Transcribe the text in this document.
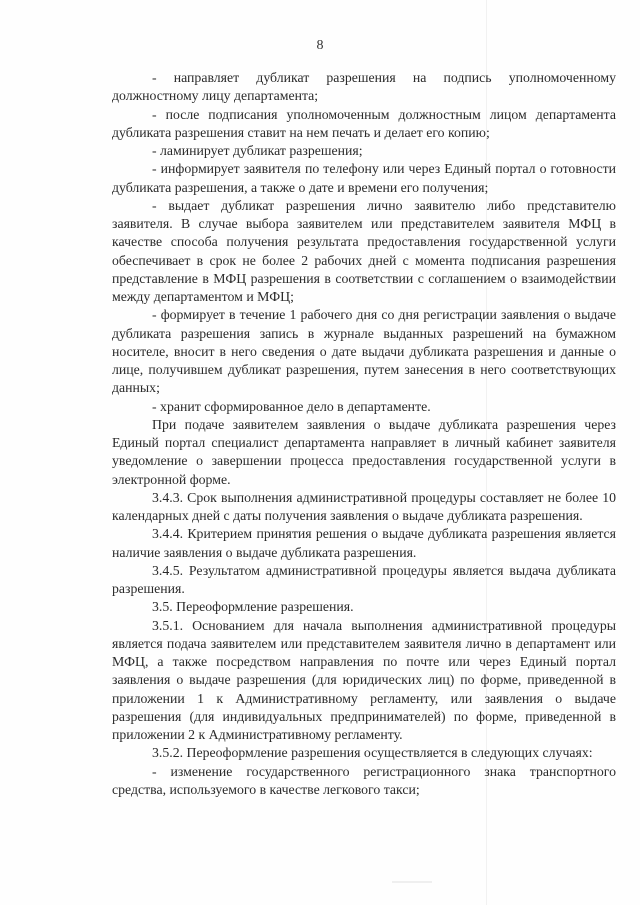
8

- направляет дубликат разрешения на подпись уполномоченному должностному лицу департамента;

- после подписания уполномоченным должностным лицом департамента дубликата разрешения ставит на нем печать и делает его копию;

- ламинирует дубликат разрешения;

- информирует заявителя по телефону или через Единый портал о готовности дубликата разрешения, а также о дате и времени его получения;

- выдает дубликат разрешения лично заявителю либо представителю заявителя. В случае выбора заявителем или представителем заявителя МФЦ в качестве способа получения результата предоставления государственной услуги обеспечивает в срок не более 2 рабочих дней с момента подписания разрешения представление в МФЦ разрешения в соответствии с соглашением о взаимодействии между департаментом и МФЦ;

- формирует в течение 1 рабочего дня со дня регистрации заявления о выдаче дубликата разрешения запись в журнале выданных разрешений на бумажном носителе, вносит в него сведения о дате выдачи дубликата разрешения и данные о лице, получившем дубликат разрешения, путем занесения в него соответствующих данных;

- хранит сформированное дело в департаменте.

При подаче заявителем заявления о выдаче дубликата разрешения через Единый портал специалист департамента направляет в личный кабинет заявителя уведомление о завершении процесса предоставления государственной услуги в электронной форме.

3.4.3. Срок выполнения административной процедуры составляет не более 10 календарных дней с даты получения заявления о выдаче дубликата разрешения.

3.4.4. Критерием принятия решения о выдаче дубликата разрешения является наличие заявления о выдаче дубликата разрешения.

3.4.5. Результатом административной процедуры является выдача дубликата разрешения.

3.5. Переоформление разрешения.

3.5.1. Основанием для начала выполнения административной процедуры является подача заявителем или представителем заявителя лично в департамент или МФЦ, а также посредством направления по почте или через Единый портал заявления о выдаче разрешения (для юридических лиц) по форме, приведенной в приложении 1 к Административному регламенту, или заявления о выдаче разрешения (для индивидуальных предпринимателей) по форме, приведенной в приложении 2 к Административному регламенту.

3.5.2. Переоформление разрешения осуществляется в следующих случаях:

- изменение государственного регистрационного знака транспортного средства, используемого в качестве легкового такси;
